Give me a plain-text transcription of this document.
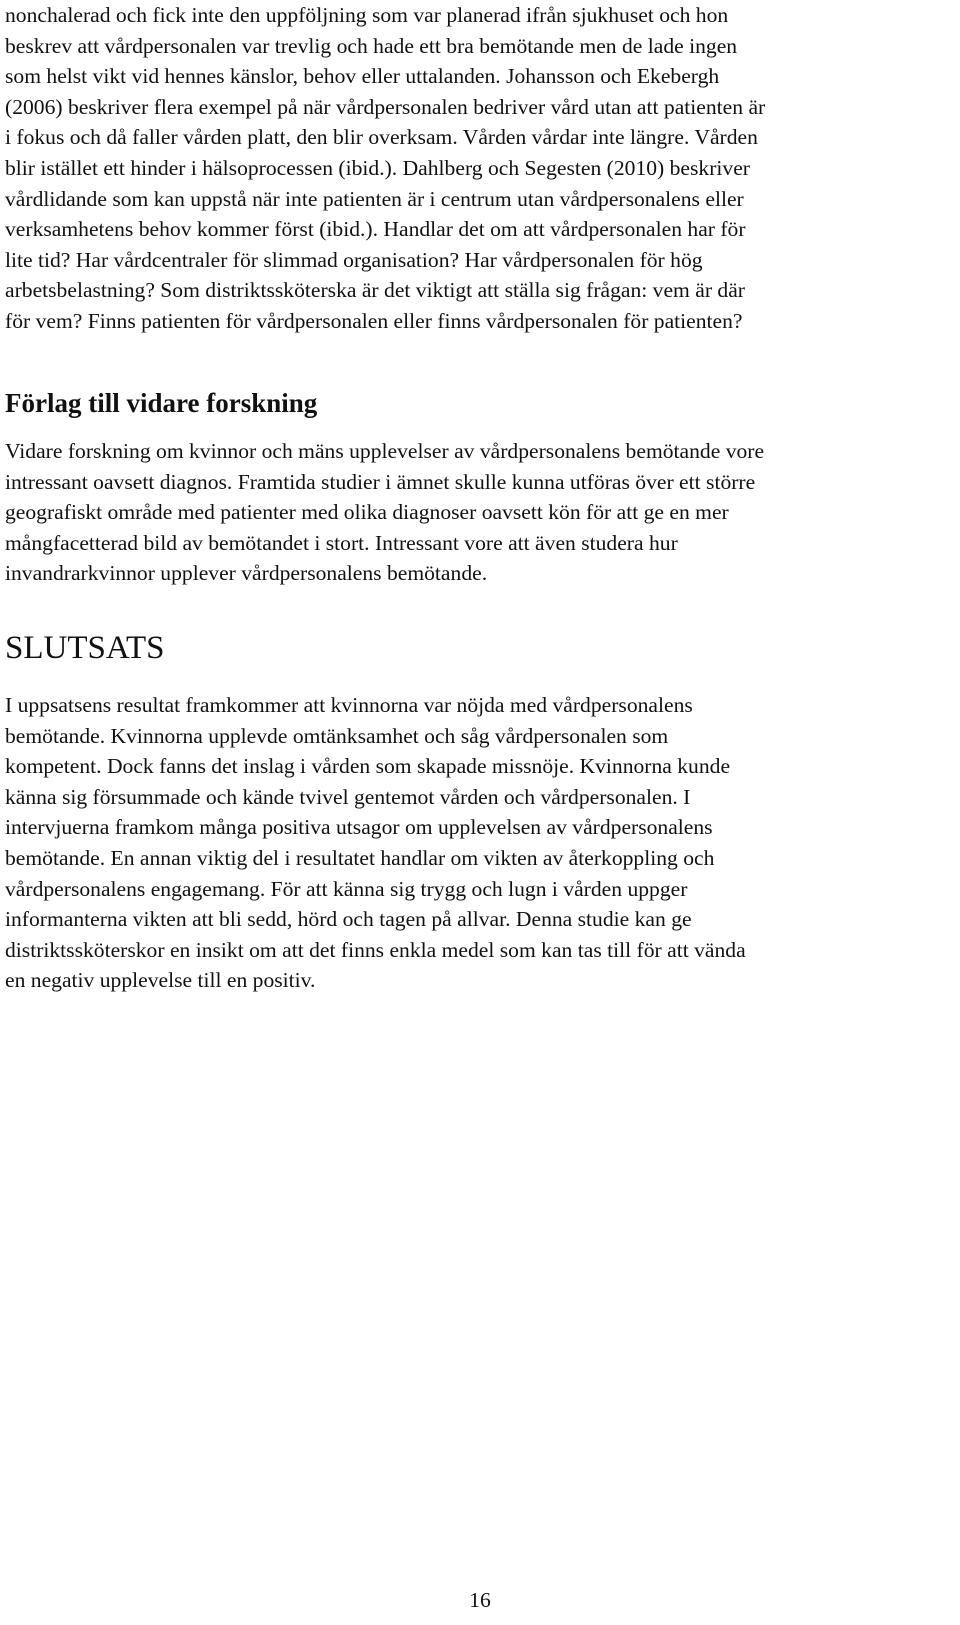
nonchalerad och fick inte den uppföljning som var planerad ifrån sjukhuset och hon
beskrev att vårdpersonalen var trevlig och hade ett bra bemötande men de lade ingen
som helst vikt vid hennes känslor, behov eller uttalanden. Johansson och Ekebergh
(2006) beskriver flera exempel på när vårdpersonalen bedriver vård utan att patienten är
i fokus och då faller vården platt, den blir overksam. Vården vårdar inte längre. Vården
blir istället ett hinder i hälsoprocessen (ibid.). Dahlberg och Segesten (2010) beskriver
vårdlidande som kan uppstå när inte patienten är i centrum utan vårdpersonalens eller
verksamhetens behov kommer först (ibid.). Handlar det om att vårdpersonalen har för
lite tid? Har vårdcentraler för slimmad organisation? Har vårdpersonalen för hög
arbetsbelastning? Som distriktssköterska är det viktigt att ställa sig frågan: vem är där
för vem? Finns patienten för vårdpersonalen eller finns vårdpersonalen för patienten?

Förlag till vidare forskning

Vidare forskning om kvinnor och mäns upplevelser av vårdpersonalens bemötande vore
intressant oavsett diagnos. Framtida studier i ämnet skulle kunna utföras över ett större
geografiskt område med patienter med olika diagnoser oavsett kön för att ge en mer
mångfacetterad bild av bemötandet i stort. Intressant vore att även studera hur
invandrarkvinnor upplever vårdpersonalens bemötande.

SLUTSATS

I uppsatsens resultat framkommer att kvinnorna var nöjda med vårdpersonalens
bemötande. Kvinnorna upplevde omtänksamhet och såg vårdpersonalen som
kompetent. Dock fanns det inslag i vården som skapade missnöje. Kvinnorna kunde
känna sig försummade och kände tvivel gentemot vården och vårdpersonalen. I
intervjuerna framkom många positiva utsagor om upplevelsen av vårdpersonalens
bemötande. En annan viktig del i resultatet handlar om vikten av återkoppling och
vårdpersonalens engagemang. För att känna sig trygg och lugn i vården uppger
informanterna vikten att bli sedd, hörd och tagen på allvar. Denna studie kan ge
distriktssköterskor en insikt om att det finns enkla medel som kan tas till för att vända
en negativ upplevelse till en positiv.

16
